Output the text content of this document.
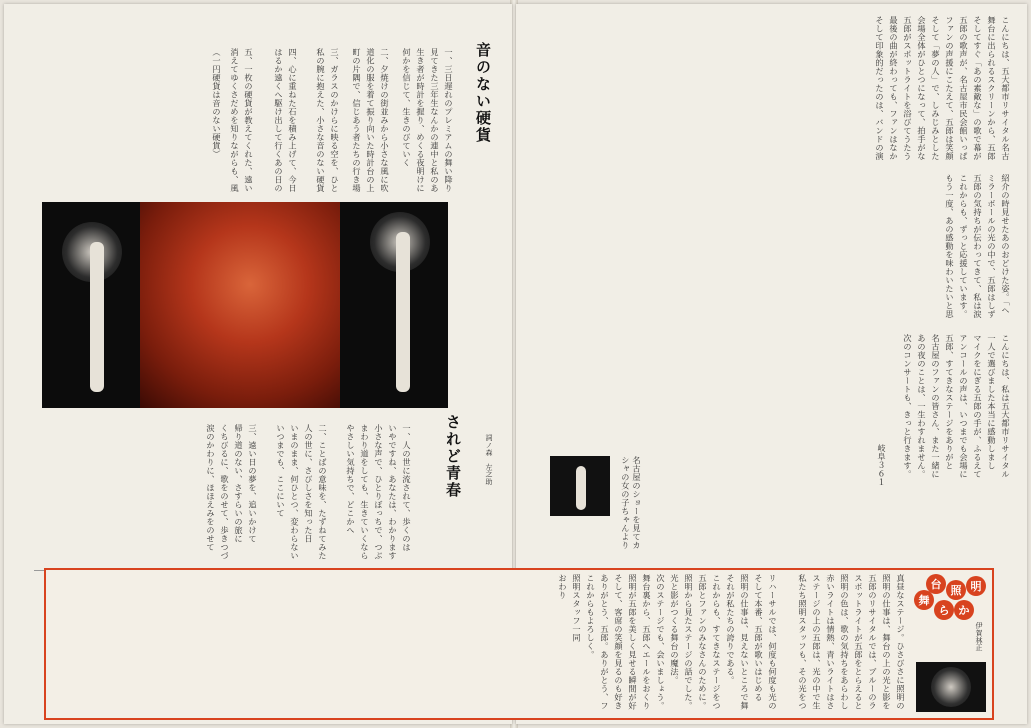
音のない硬貨
一、三日遅れのプレミアムの舞い降り
見てきた三年生なんかの連中と私のあ
生き者が時計を握り、めくる夜明けに
何かを信じて、生きのびていく
二、夕焼けの街並みから小さな風に吹
道化の服を着て振り向いた時計台の上
町の片隅で、信じあう者たちの行き場
三、ガラスのかけらに映る空を、ひと
私の腕に抱えた、小さな音のない硬貨
四、心に重ねた石を積み上げて、今日
はるか遠くへ駆け出して行くあの日の
五、一枚の硬貨が教えてくれた、遠い
消えてゆくさだめを知りながらも、風
（一円硬貨は音のない硬貨）
されど青春	詞ノ森　左之助
一、人の世に流されて、歩くのは
いやですね、あなたは、わかります
小さな声で、ひとりぼっちで、つぶ
まわり道をしても、生きていくなら
やさしい気持ちで、どこかへ
二、ことばの意味を、たずねてみた
人の世に、さびしさを知った日
いまのまま、何ひとつ、変わらない
いつまでも、ここにいて
三、遠い日の夢を、追いかけて
帰り道のない、さすらいの旅に
くちびるに、歌をのせて、歩きつづ
涙のかわりに、ほほえみをのせて
こんにちは、五大都市リサイタル名古
舞台に出られるスクリーンから、五郎
そしてすぐ「あの素敵な」の歌で幕が
五郎の歌声が、名古屋市民会館いっぱ
ファンの声援にこたえて、五郎は笑顔
そして「夢の人」で、しみじみとした
会場全体がひとつになって、拍手がな
五郎がスポットライトを浴びてうたう
最後の曲が終わっても、ファンはなか
そして印象的だったのは、バンドの演
紹介の時見せたあのおどけた姿。「ヘ
ミラーボールの光の中で、五郎はしず
五郎の気持ちが伝わってきて、私は涙
これからも、ずっと応援しています。
もう一度、あの感動を味わいたいと思
こんにちは、私は五大都市リサイタル
一人で選びました本当に感動しまし
マイクをにぎる五郎の手が、ふるえて
アンコールの声は、いつまでも会場に
五郎、すてきなステージをありがと
名古屋のファンの皆さん、また一緒に
あの夜のことは、一生わすれません。
次のコンサートも、きっと行きます。
岐阜３６１
名古屋のショーを見てカシャの女の子ちゃんより
明
照
か
ら
舞
台
伊賀林正
真昼なステージ。ひさびさに照明の
照明の仕事は、舞台の上の光と影を
五郎のリサイタルでは、ブルーのラ
スポットライトが五郎をとらえると
照明の色は、歌の気持ちをあらわし
赤いライトは情熱、青いライトはさ
ステージの上の五郎は、光の中で生
私たち照明スタッフも、その光をつ
リハーサルでは、何度も何度も光の
そして本番、五郎が歌いはじめる
照明の仕事は、見えないところで舞
それが私たちの誇りである。
これからも、すてきなステージをつ
五郎とファンのみなさんのために。
照明から見たステージの話でした。
光と影がつくる舞台の魔法。
次のステージでも、会いましょう。
舞台裏から、五郎へエールをおくり
照明が五郎を美しく見せる瞬間が好
そして、客席の笑顔を見るのも好き
ありがとう、五郎。ありがとう、フ
これからもよろしく。
照明スタッフ一同
おわり
